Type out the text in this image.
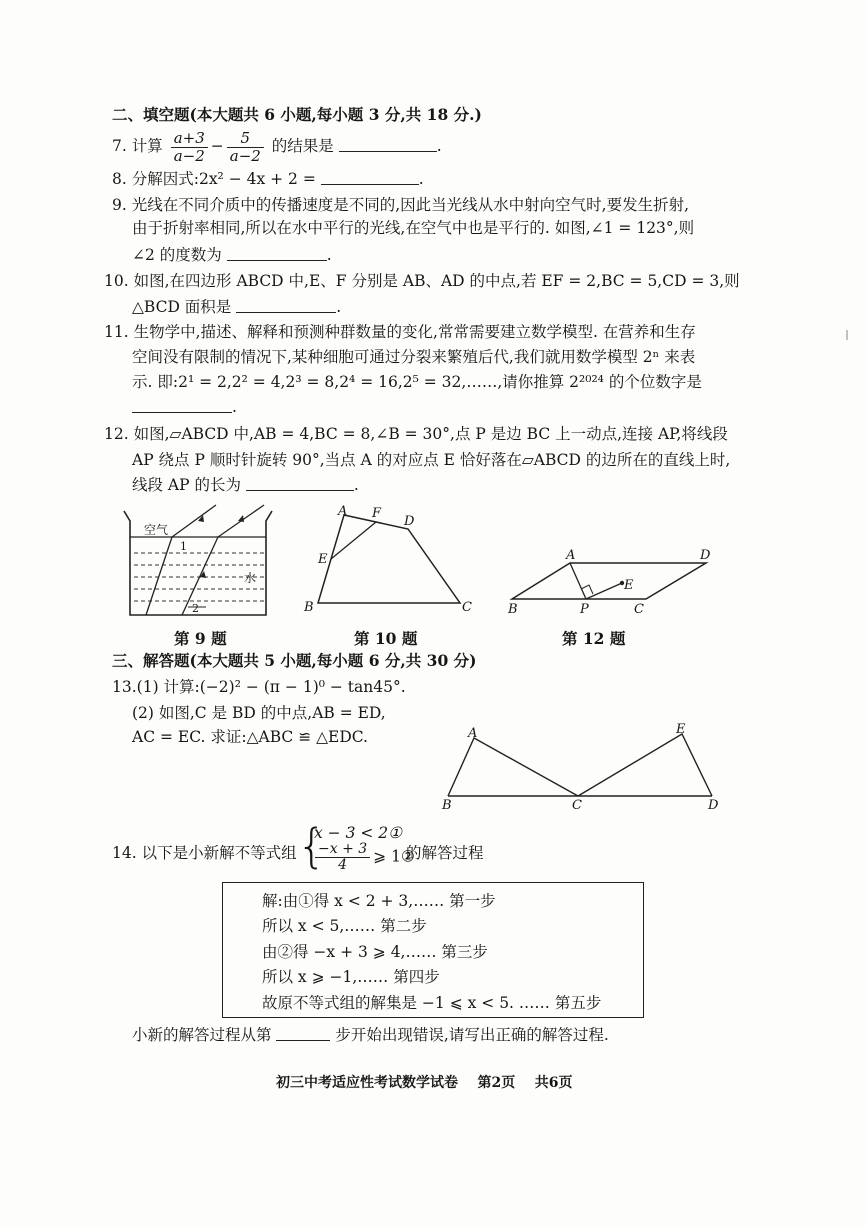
二、填空题(本大题共 6 小题,每小题 3 分,共 18 分.)
7. 计算 $\frac{a+3}{a-2} - \frac{5}{a-2}$ 的结果是	.
8. 分解因式:2x² − 4x + 2 =	.
9. 光线在不同介质中的传播速度是不同的,因此当光线从水中射向空气时,要发生折射,
由于折射率相同,所以在水中平行的光线,在空气中也是平行的. 如图,∠1 = 123°,则
∠2 的度数为	.
10. 如图,在四边形 ABCD 中,E、F 分别是 AB、AD 的中点,若 EF = 2,BC = 5,CD = 3,则
△BCD 面积是	.
11. 生物学中,描述、解释和预测种群数量的变化,常常需要建立数学模型. 在营养和生存
空间没有限制的情况下,某种细胞可通过分裂来繁殖后代,我们就用数学模型 2ⁿ 来表
示. 即:2¹ = 2,2² = 4,2³ = 8,2⁴ = 16,2⁵ = 32,……,请你推算 2²⁰²⁴ 的个位数字是
.
12. 如图,▱ABCD 中,AB = 4,BC = 8,∠B = 30°,点 P 是边 BC 上一动点,连接 AP,将线段
AP 绕点 P 顺时针旋转 90°,当点 A 的对应点 E 恰好落在▱ABCD 的边所在的直线上时,
线段 AP 的长为	.
空气
水
1
2
第 9 题
A F
D
E
B	C
第 10 题
A	D
E
B	P	C
第 12 题
三、解答题(本大题共 5 小题,每小题 6 分,共 30 分)
13.(1) 计算:(−2)² − (π − 1)⁰ − tan45°.
(2) 如图,C 是 BD 的中点,AB = ED,
AC = EC. 求证:△ABC ≌ △EDC.	A	E
B	C	D
14. 以下是小新解不等式组 {
x − 3 < 2①
$\frac{-x + 3}{4}$ ⩾ 1②
的解答过程
解:由①得 x < 2 + 3,…… 第一步
所以 x < 5,…… 第二步
由②得 −x + 3 ⩾ 4,…… 第三步
所以 x ⩾ −1,…… 第四步
故原不等式组的解集是 −1 ⩽ x < 5. …… 第五步
小新的解答过程从第	步开始出现错误,请写出正确的解答过程.
初三中考适应性考试数学试卷    第2页    共6页
